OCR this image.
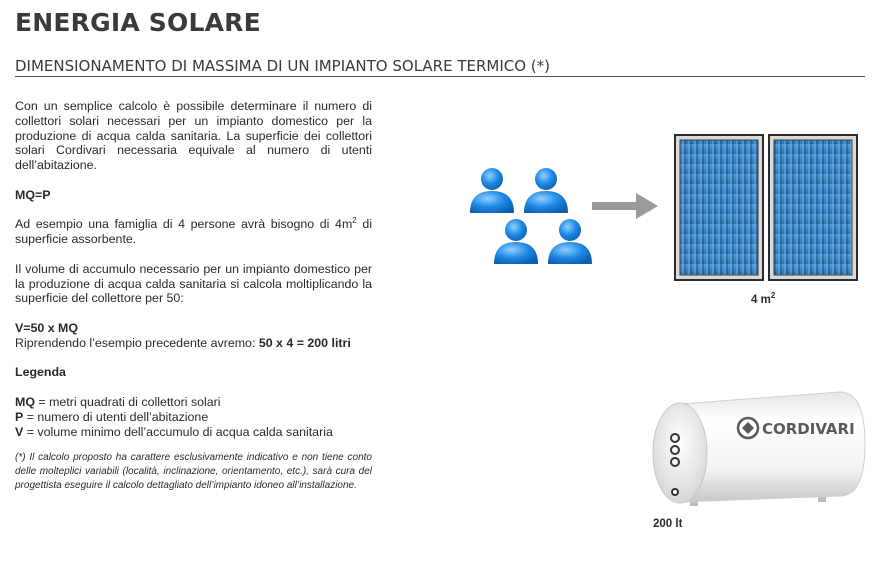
ENERGIA SOLARE
DIMENSIONAMENTO DI MASSIMA DI UN IMPIANTO SOLARE TERMICO (*)

Con un semplice calcolo è possibile determinare il numero di collettori solari necessari per un impianto domestico per la produzione di acqua calda sanitaria. La superficie dei collettori solari Cordivari necessaria equivale al numero di utenti dell’abitazione.

MQ=P

Ad esempio una famiglia di 4 persone avrà bisogno di $4m^2$ di superficie assorbente.

Il volume di accumulo necessario per un impianto domestico per la produzione di acqua calda sanitaria si calcola moltiplicando la superficie del collettore per 50:

V=50 x MQ

Riprendendo l’esempio precedente avremo: 50 x 4 = 200 litri

Legenda

MQ = metri quadrati di collettori solari

P = numero di utenti dell’abitazione

V = volume minimo dell’accumulo di acqua calda sanitaria

(*) Il calcolo proposto ha carattere esclusivamente indicativo e non tiene conto delle molteplici variabili (località, inclinazione, orientamento, etc.), sarà cura del progettista eseguire il calcolo dettagliato dell’impianto idoneo all’installazione.

4 $m^2$
CORDIVARI
200 lt
